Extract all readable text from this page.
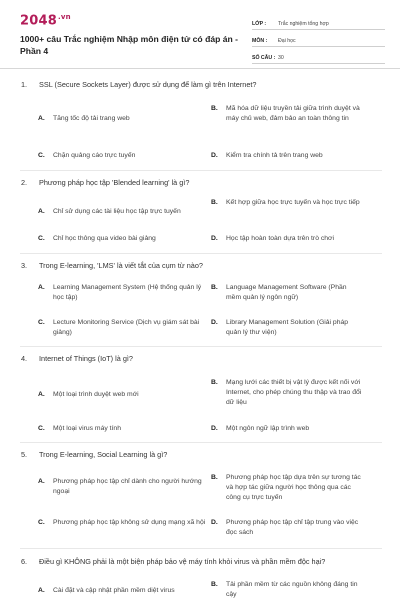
$2048^{.vn}$
1000+ câu Trắc nghiệm Nhập môn điện tử có đáp án - Phần 4
LỚP :	Trắc nghiệm tổng hợp
MÔN :	Đại học
SỐ CÂU : 30
1. SSL (Secure Sockets Layer) được sử dụng để làm gì trên Internet?
A. Tăng tốc độ tải trang web
B. Mã hóa dữ liệu truyền tải giữa trình duyệt và máy chủ web, đảm bảo an toàn thông tin
C. Chặn quảng cáo trực tuyến	D. Kiểm tra chính tả trên trang web
2. Phương pháp học tập 'Blended learning' là gì?
A. Chỉ sử dụng các tài liệu học tập trực tuyến
B. Kết hợp giữa học trực tuyến và học trực tiếp
C. Chỉ học thông qua video bài giảng	D. Học tập hoàn toàn dựa trên trò chơi
3. Trong E-learning, 'LMS' là viết tắt của cụm từ nào?
A. Learning Management System (Hệ thống quản lý học tập)
B. Language Management Software (Phần mềm quản lý ngôn ngữ)
C. Lecture Monitoring Service (Dịch vụ giám sát bài giảng)
D. Library Management Solution (Giải pháp quản lý thư viện)
4. Internet of Things (IoT) là gì?
A. Một loại trình duyệt web mới
B. Mạng lưới các thiết bị vật lý được kết nối với Internet, cho phép chúng thu thập và trao đổi dữ liệu
C. Một loại virus máy tính	D. Một ngôn ngữ lập trình web
5. Trong E-learning, Social Learning là gì?
A. Phương pháp học tập chỉ dành cho người hướng ngoại
B. Phương pháp học tập dựa trên sự tương tác và hợp tác giữa người học thông qua các công cụ trực tuyến
C. Phương pháp học tập không sử dụng mạng xã hội D. Phương pháp học tập chỉ tập trung vào việc đọc sách
6. Điều gì KHÔNG phải là một biện pháp bảo vệ máy tính khỏi virus và phần mềm độc hại?
A. Cài đặt và cập nhật phần mềm diệt virus
B. Tải phần mềm từ các nguồn không đáng tin cậy
